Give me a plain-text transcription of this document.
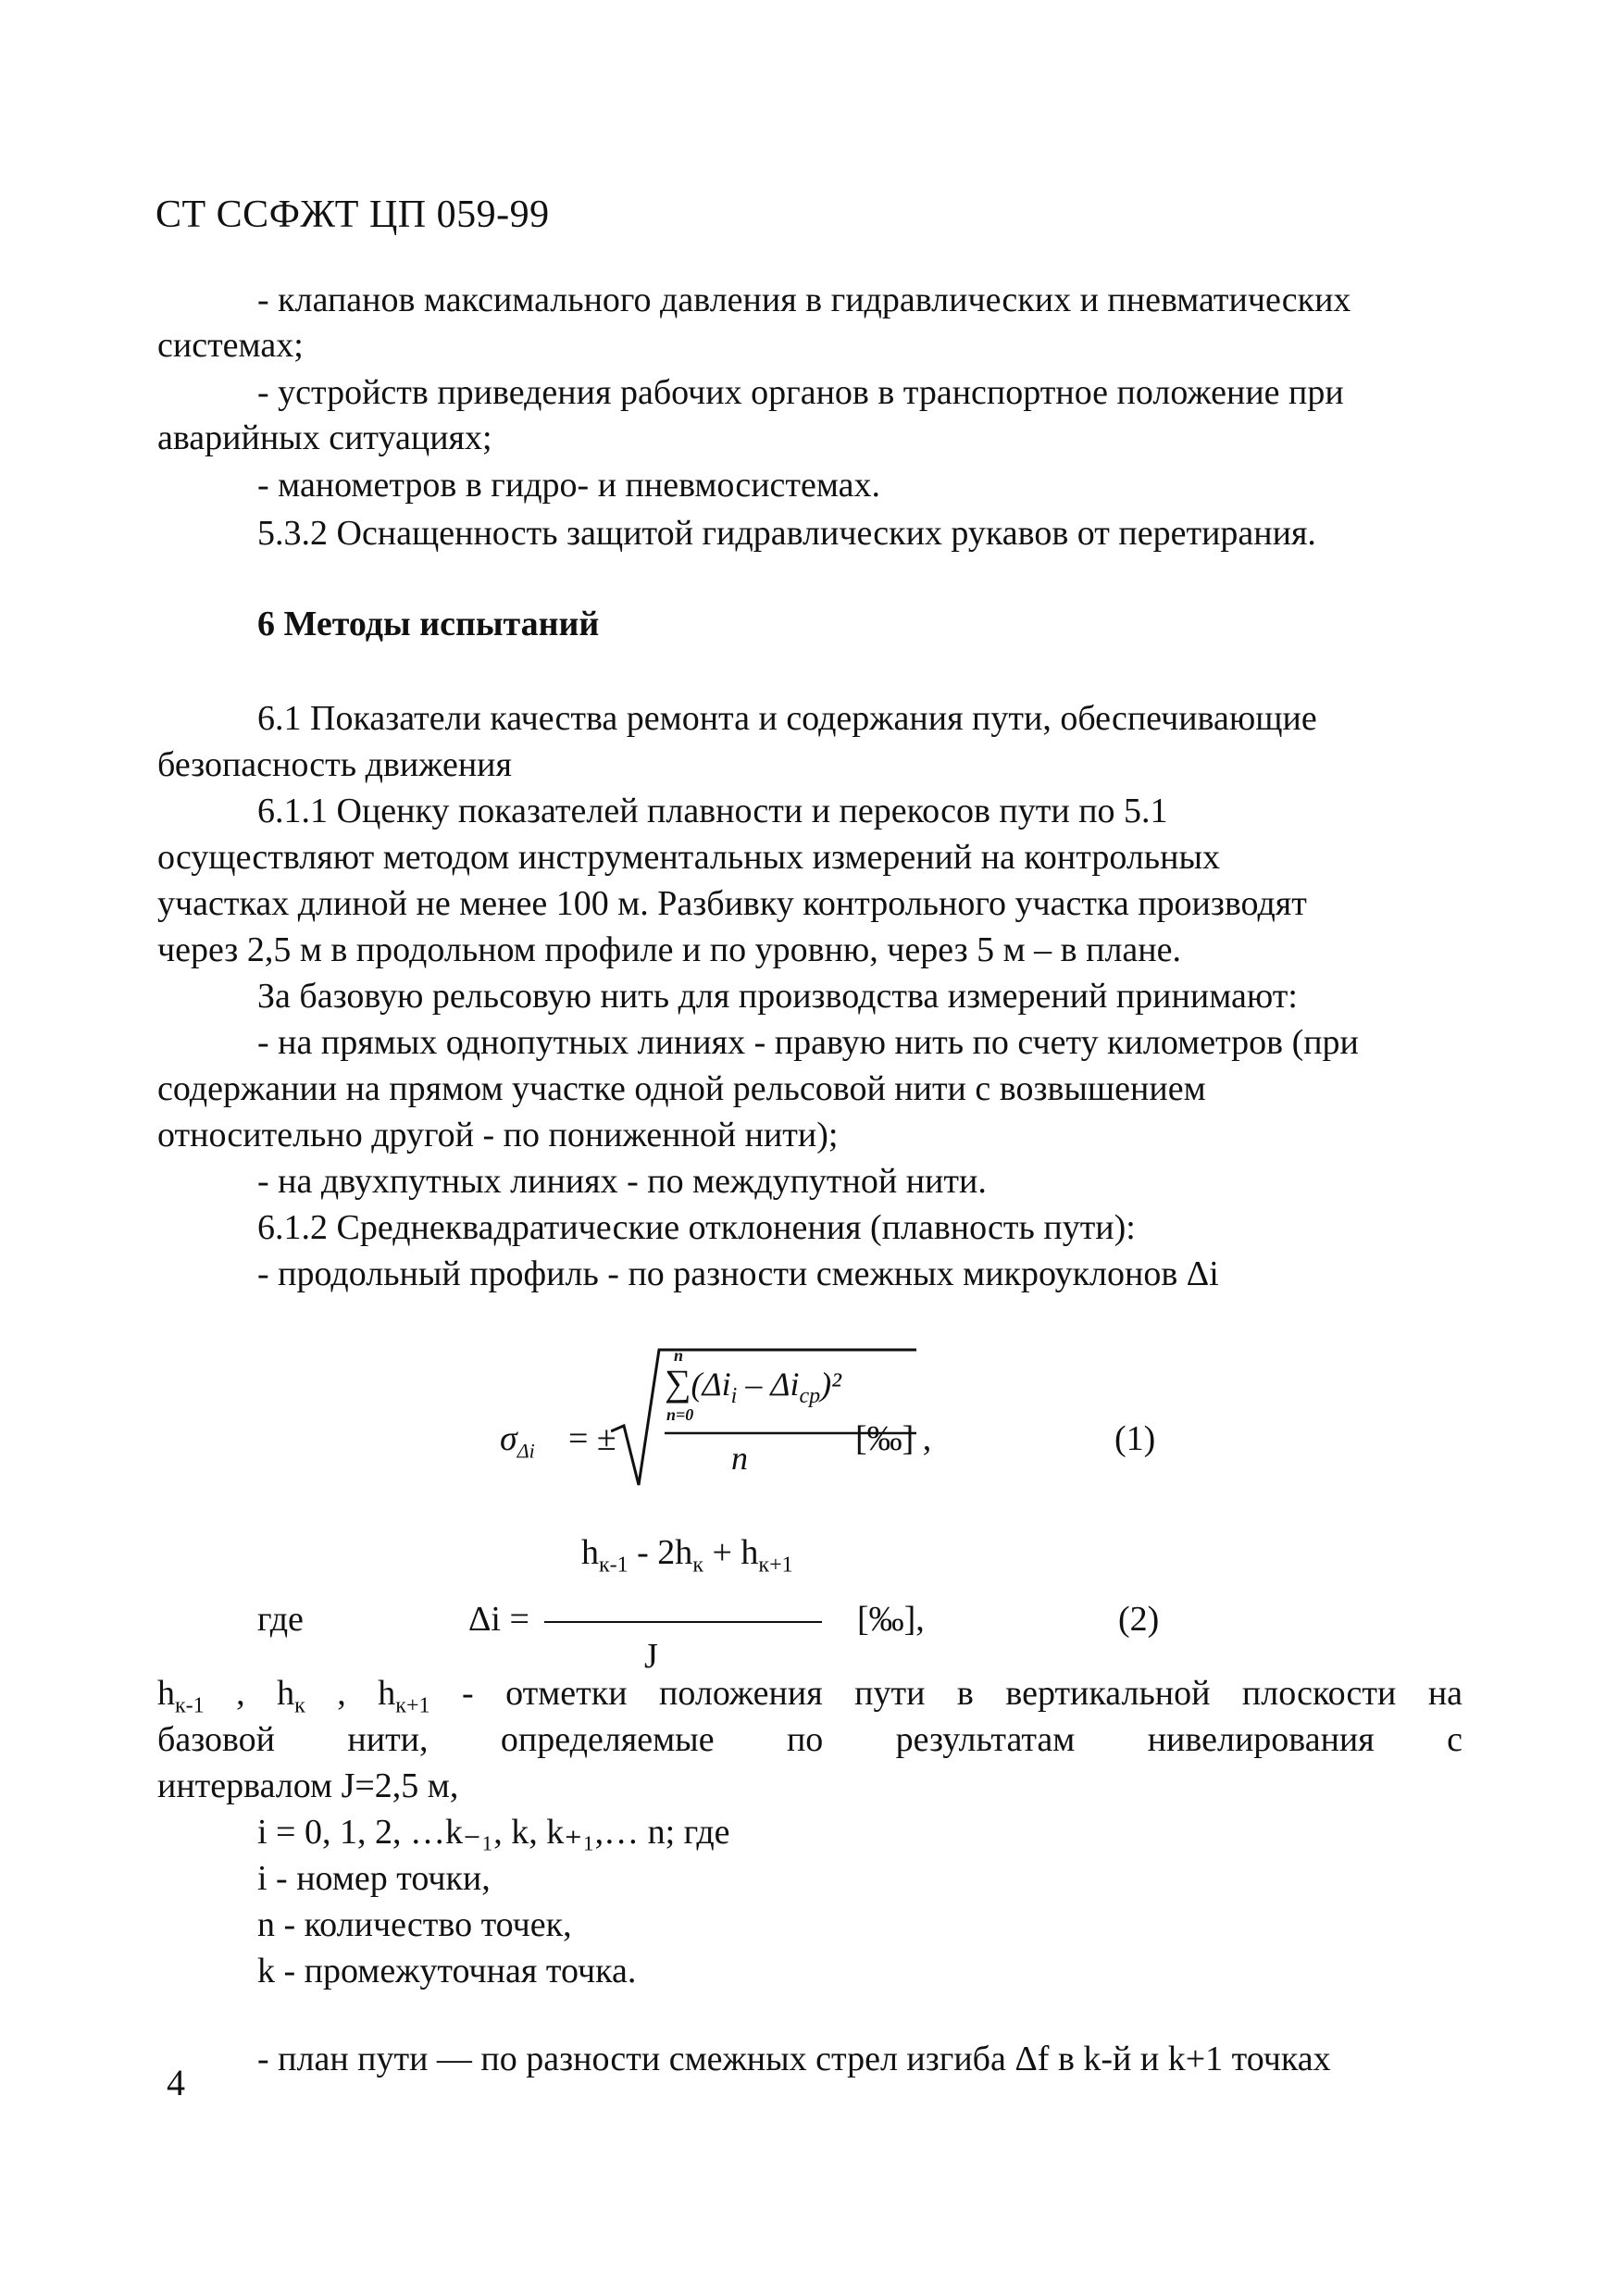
СТ ССФЖТ ЦП 059-99
- клапанов максимального давления в гидравлических и пневматических
системах;
- устройств приведения рабочих органов в транспортное положение при
аварийных ситуациях;
- манометров в гидро- и пневмосистемах.
5.3.2 Оснащенность защитой гидравлических рукавов от перетирания.
6 Методы испытаний
6.1 Показатели качества ремонта и содержания пути, обеспечивающие
безопасность движения
6.1.1 Оценку показателей плавности и перекосов пути по 5.1
осуществляют методом инструментальных измерений на контрольных
участках длиной не менее 100 м. Разбивку контрольного участка производят
через 2,5 м в продольном профиле и по уровню, через 5 м – в плане.
За базовую рельсовую нить для производства измерений принимают:
- на прямых однопутных линиях - правую нить по счету километров (при
содержании на прямом участке одной рельсовой нити с возвышением
относительно другой - по пониженной нити);
- на двухпутных линиях - по междупутной нити.
6.1.2 Среднеквадратические отклонения (плавность пути):
- продольный профиль - по разности смежных микроуклонов Δi
$\sigma_{\Delta i}$ = ±
n
$\sum(\Delta i_i - \Delta i_{cp})^2$
n=0
n	[‰] ,	(1)
где	Δi =
$h_{к-1} - 2h_к + h_{к+1}$
J
[‰],	(2)
$h_{к-1}$ , $h_к$ , $h_{к+1}$ - отметки положения пути в вертикальной плоскости на
базовой нити, определяемые по результатам нивелирования с
интервалом J=2,5 м,
i = 0, 1, 2, …k₋₁, k, k₊₁,… n; где
i - номер точки,
n - количество точек,
k - промежуточная точка.
- план пути — по разности смежных стрел изгиба Δf в k-й и k+1 точках
4
